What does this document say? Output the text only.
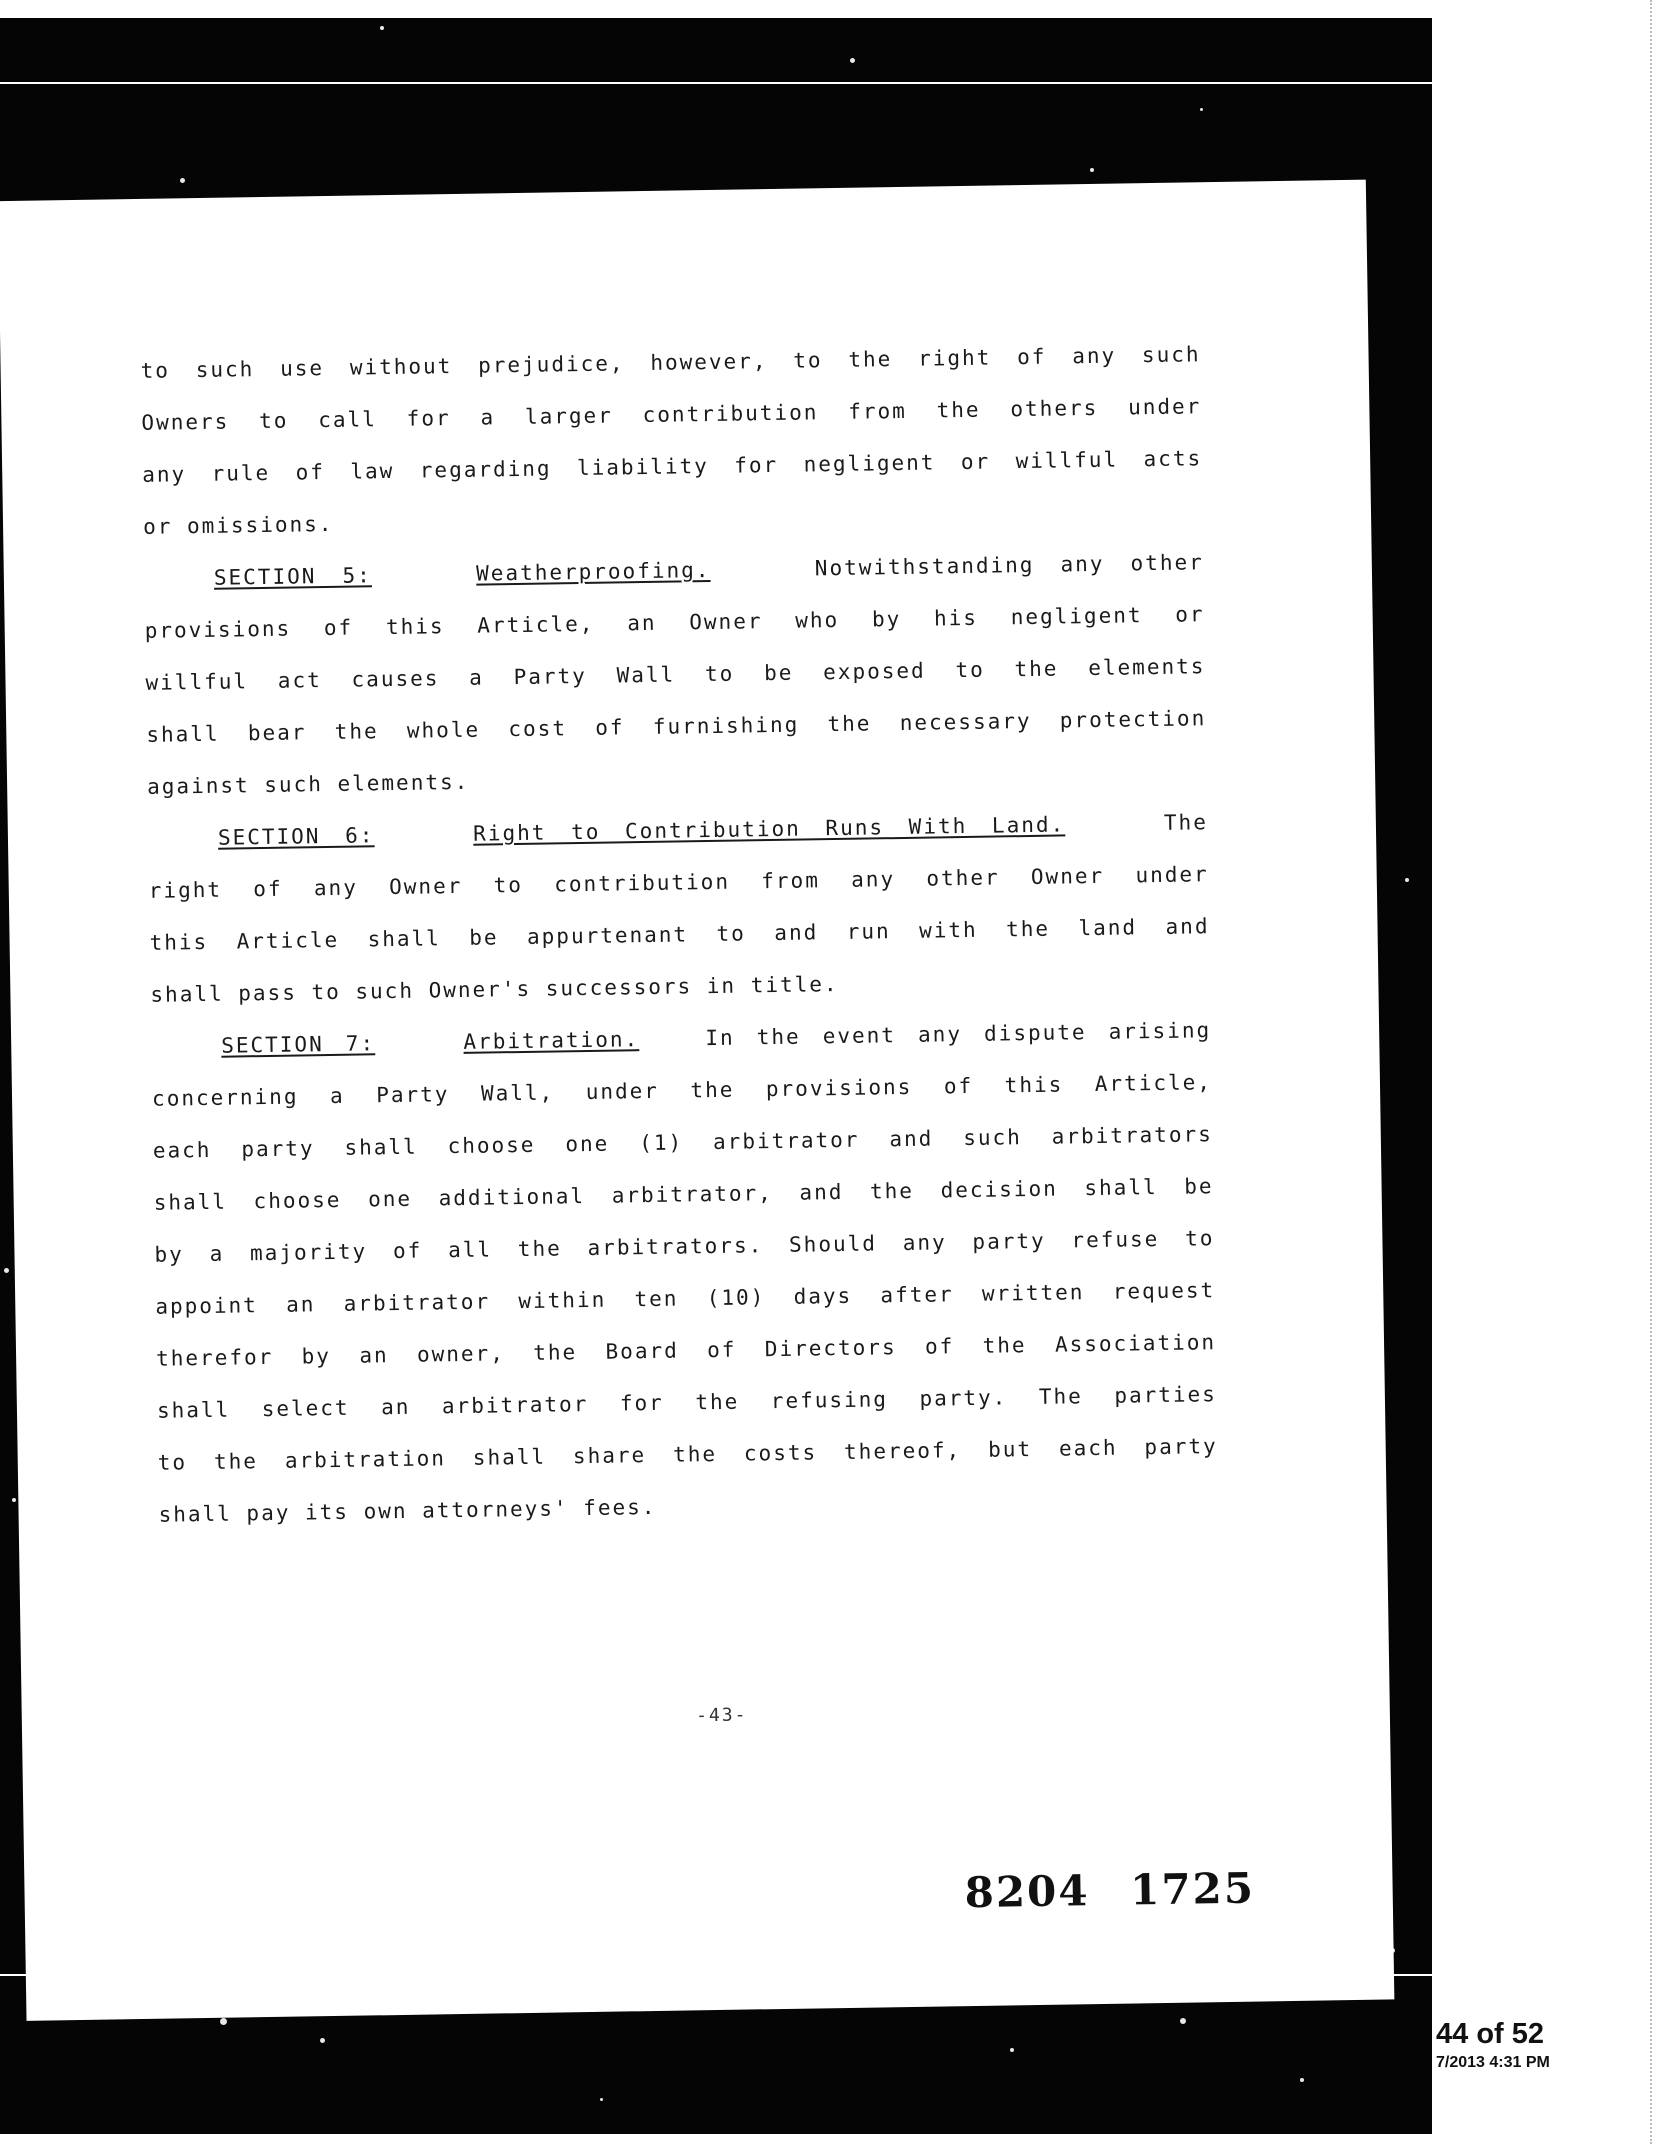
to such use without prejudice, however, to the right of any such
Owners to call for a larger contribution from the others under
any rule of law regarding liability for negligent or willful acts
or omissions.
SECTION 5:	Weatherproofing.	Notwithstanding any other
provisions of this Article, an Owner who by his negligent or
willful act causes a Party Wall to be exposed to the elements
shall bear the whole cost of furnishing the necessary protection
against such elements.
SECTION 6:	Right to Contribution Runs With Land.	The
right of any Owner to contribution from any other Owner under
this Article shall be appurtenant to and run with the land and
shall pass to such Owner's successors in title.
SECTION 7:	Arbitration.	In the event any dispute arising
concerning a Party Wall, under the provisions of this Article,
each party shall choose one (1) arbitrator and such arbitrators
shall choose one additional arbitrator, and the decision shall be
by a majority of all the arbitrators. Should any party refuse to
appoint an arbitrator within ten (10) days after written request
therefor by an owner, the Board of Directors of the Association
shall select an arbitrator for the refusing party. The parties
to the arbitration shall share the costs thereof, but each party
shall pay its own attorneys' fees.
-43-
8204 1725
44 of 52
7/2013 4:31 PM
